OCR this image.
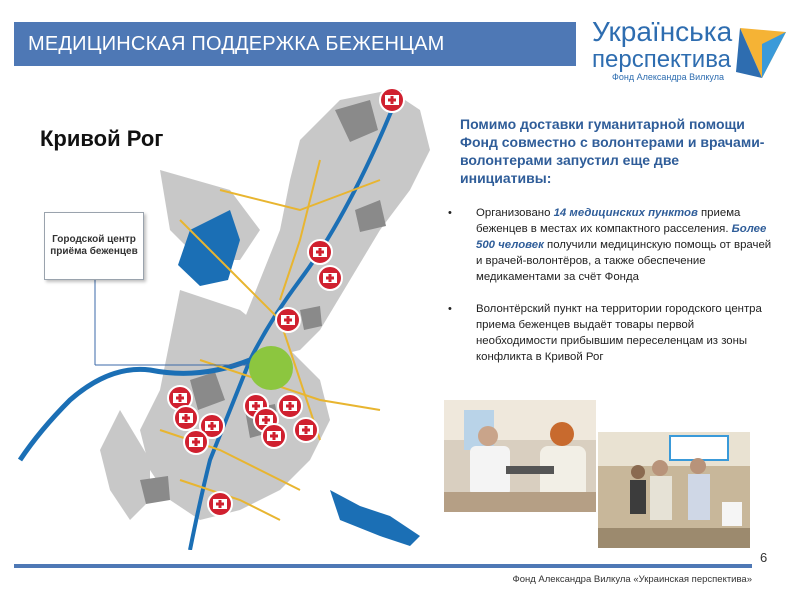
МЕДИЦИНСКАЯ ПОДДЕРЖКА БЕЖЕНЦАМ	Українська
перспектива
Фонд Александра Вилкула
Кривой Рог
Городской центр приёма беженцев
Помимо доставки гуманитарной помощи Фонд совместно с волонтерами и врачами-волонтерами запустил еще две инициативы:
• Организовано 14 медицинских пунктов приема беженцев в местах их компактного расселения. Более 500 человек получили медицинскую помощь от врачей и врачей-волонтёров, а также обеспечение медикаментами за счёт Фонда
• Волонтёрский пункт на территории городского центра приема беженцев выдаёт товары первой необходимости прибывшим переселенцам из зоны конфликта в Кривой Рог
6
Фонд Александра Вилкула «Украинская перспектива»
